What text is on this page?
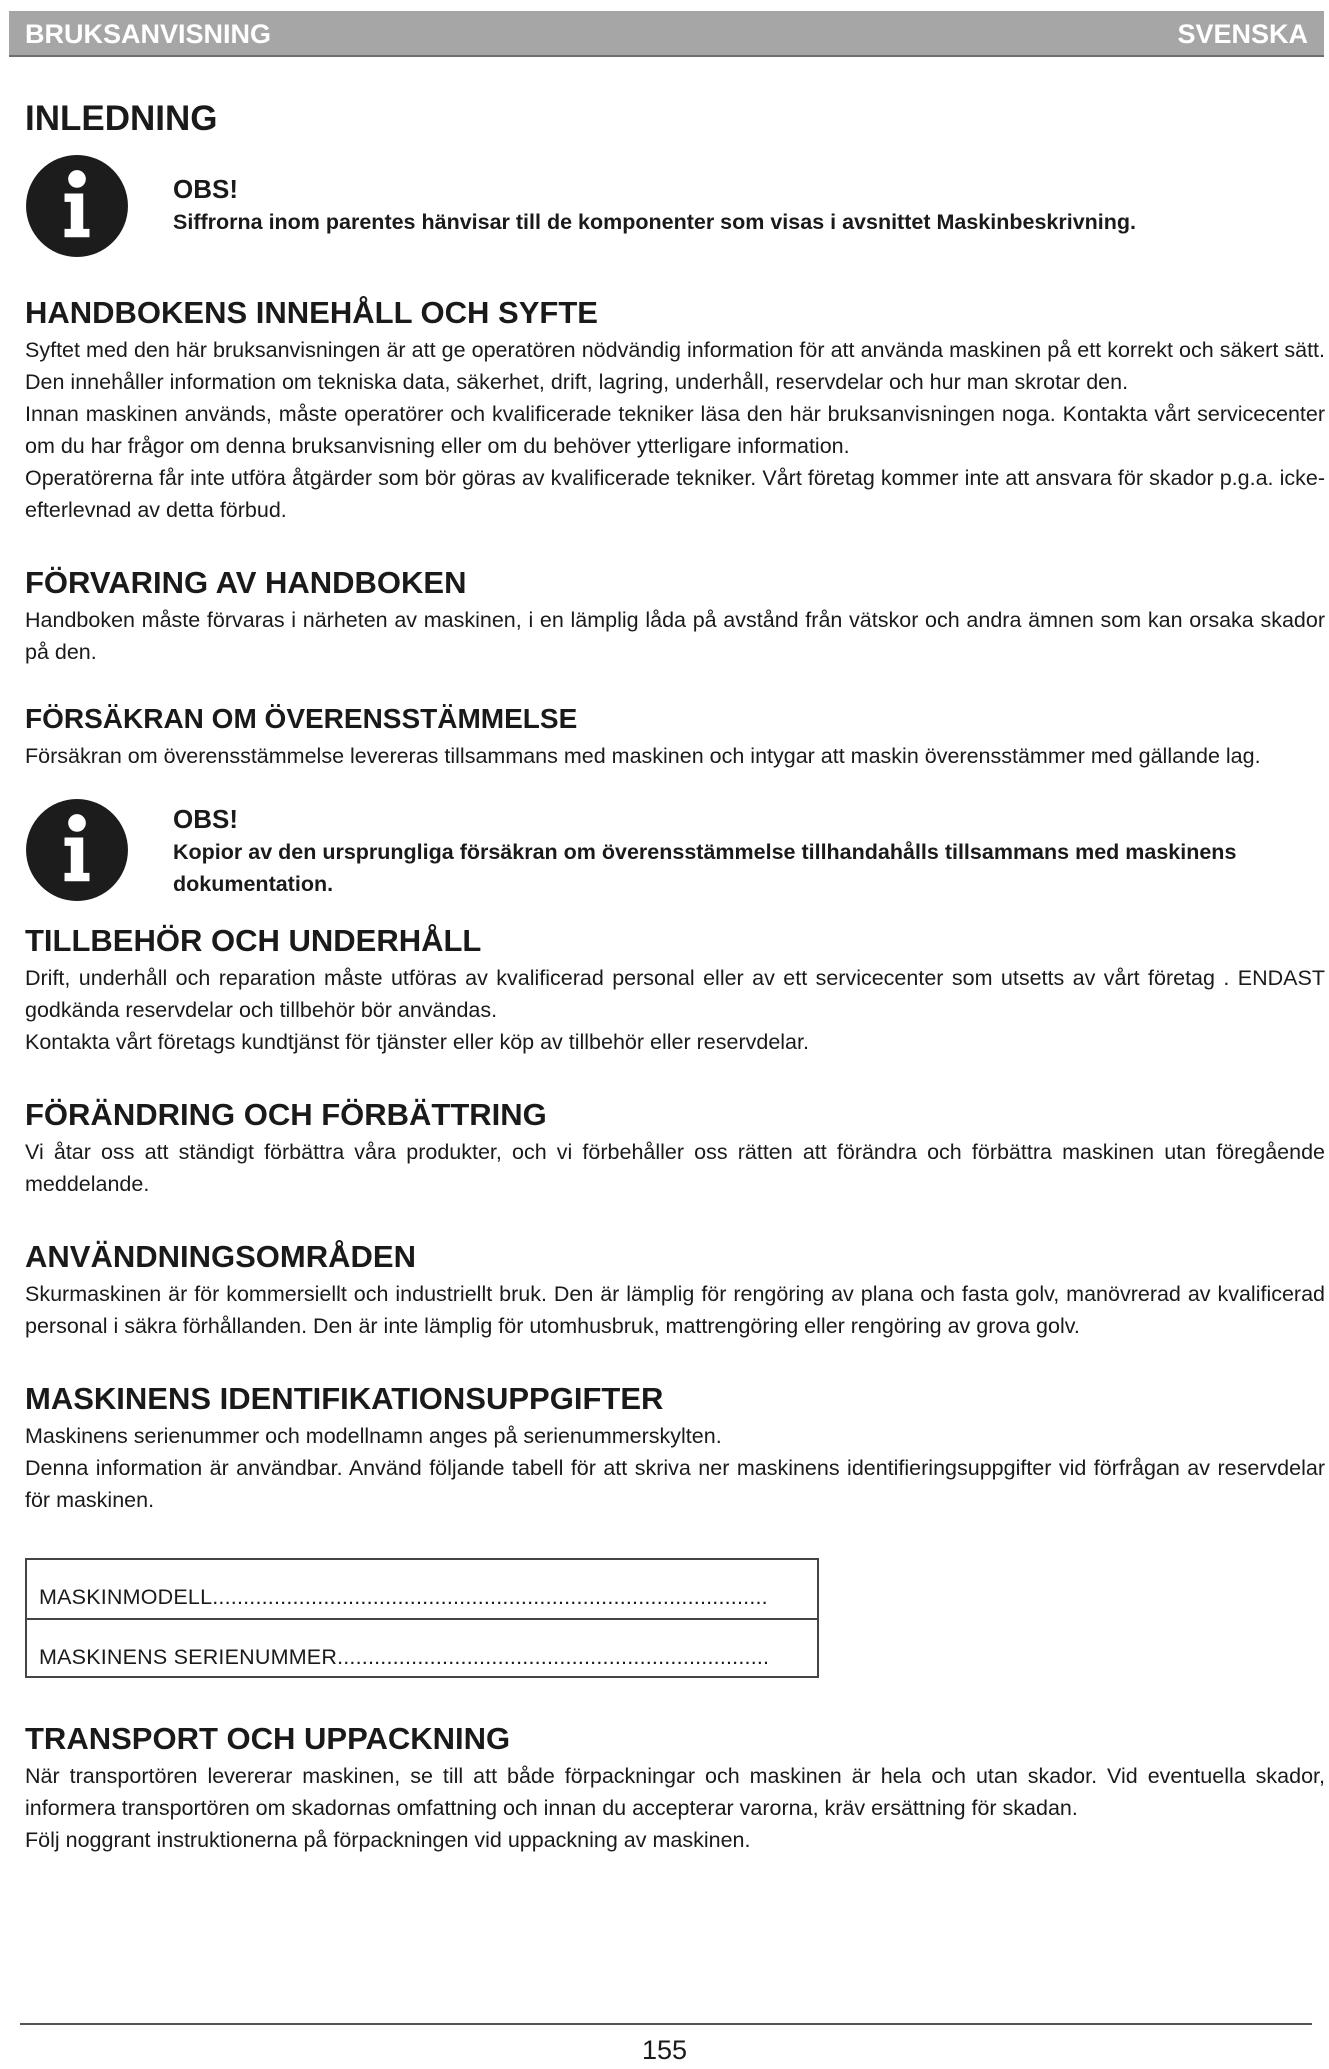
BRUKSANVISNING	SVENSKA
INLEDNING
OBS!
Siffrorna inom parentes hänvisar till de komponenter som visas i avsnittet Maskinbeskrivning.
HANDBOKENS INNEHÅLL OCH SYFTE

Syftet med den här bruksanvisningen är att ge operatören nödvändig information för att använda maskinen på ett korrekt och säkert sätt. Den innehåller information om tekniska data, säkerhet, drift, lagring, underhåll, reservdelar och hur man skrotar den.

Innan maskinen används, måste operatörer och kvalificerade tekniker läsa den här bruksanvisningen noga. Kontakta vårt servicecenter om du har frågor om denna bruksanvisning eller om du behöver ytterligare information.

Operatörerna får inte utföra åtgärder som bör göras av kvalificerade tekniker. Vårt företag kommer inte att ansvara för skador p.g.a. icke-efterlevnad av detta förbud.

FÖRVARING AV HANDBOKEN

Handboken måste förvaras i närheten av maskinen, i en lämplig låda på avstånd från vätskor och andra ämnen som kan orsaka skador på den.

FÖRSÄKRAN OM ÖVERENSSTÄMMELSE

Försäkran om överensstämmelse levereras tillsammans med maskinen och intygar att maskin överensstämmer med gällande lag.

OBS!
Kopior av den ursprungliga försäkran om överensstämmelse tillhandahålls tillsammans med maskinens dokumentation.
TILLBEHÖR OCH UNDERHÅLL

Drift, underhåll och reparation måste utföras av kvalificerad personal eller av ett servicecenter som utsetts av vårt företag . ENDAST godkända reservdelar och tillbehör bör användas.

Kontakta vårt företags kundtjänst för tjänster eller köp av tillbehör eller reservdelar.

FÖRÄNDRING OCH FÖRBÄTTRING

Vi åtar oss att ständigt förbättra våra produkter, och vi förbehåller oss rätten att förändra och förbättra maskinen utan föregående meddelande.

ANVÄNDNINGSOMRÅDEN

Skurmaskinen är för kommersiellt och industriellt bruk. Den är lämplig för rengöring av plana och fasta golv, manövrerad av kvalificerad personal i säkra förhållanden. Den är inte lämplig för utomhusbruk, mattrengöring eller rengöring av grova golv.

MASKINENS IDENTIFIKATIONSUPPGIFTER

Maskinens serienummer och modellnamn anges på serienummerskylten.

Denna information är användbar. Använd följande tabell för att skriva ner maskinens identifieringsuppgifter vid förfrågan av reservdelar för maskinen.

MASKINMODELL..........................................................................................
MASKINENS SERIENUMMER......................................................................
TRANSPORT OCH UPPACKNING

När transportören levererar maskinen, se till att både förpackningar och maskinen är hela och utan skador. Vid eventuella skador, informera transportören om skadornas omfattning och innan du accepterar varorna, kräv ersättning för skadan.

Följ noggrant instruktionerna på förpackningen vid uppackning av maskinen.

155
